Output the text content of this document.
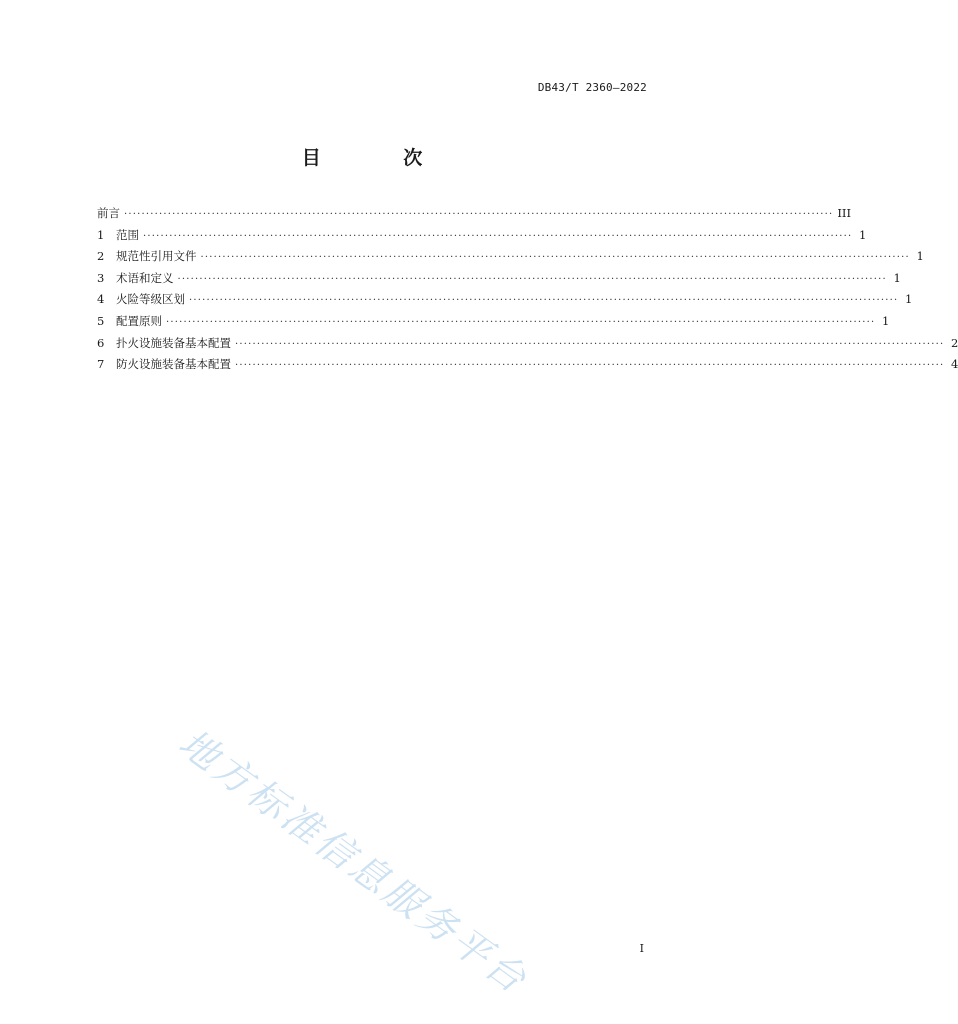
DB43/T 2360—2022
目 次
前言 ·································································································································································· III
1	范围 ·································································································································································· 1
2	规范性引用文件 ·································································································································································· 1
3	术语和定义 ·································································································································································· 1
4	火险等级区划 ·································································································································································· 1
5	配置原则 ·································································································································································· 1
6	扑火设施装备基本配置 ·································································································································································· 2
7	防火设施装备基本配置 ·································································································································································· 4
地方标准信息服务平台	I
